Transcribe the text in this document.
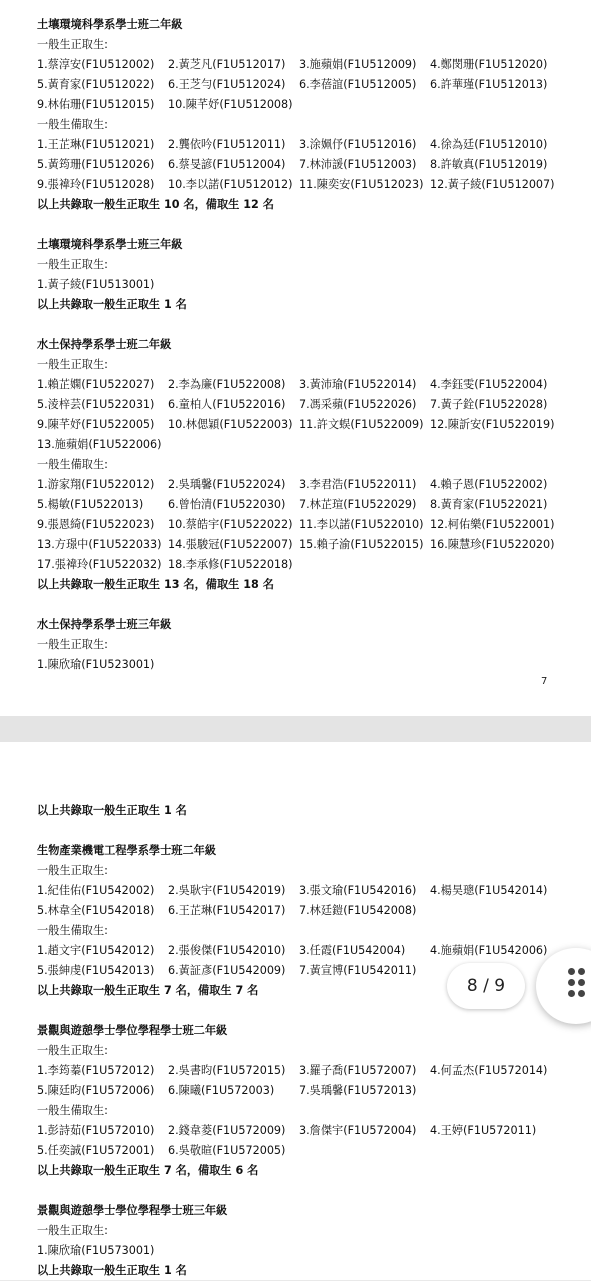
土壤環境科學系學士班二年級
一般生正取生:
1.蔡淳安(F1U512002) 2.黃芝凡(F1U512017) 3.施蘋娟(F1U512009) 4.鄭閔珊(F1U512020)
5.黃育家(F1U512022) 6.王芝勻(F1U512024) 6.李蓓誼(F1U512005) 6.許華瑾(F1U512013)
9.林佑珊(F1U512015) 10.陳芊妤(F1U512008)
一般生備取生:
1.王芷琳(F1U512021) 2.龔依吟(F1U512011) 3.涂姵伃(F1U512016) 4.徐為廷(F1U512010)
5.黃筠珊(F1U512026) 6.蔡旻諺(F1U512004) 7.林沛諼(F1U512003) 8.許敏真(F1U512019)
9.張褘玲(F1U512028) 10.李以諾(F1U512012) 11.陳奕安(F1U512023) 12.黃子綾(F1U512007)
以上共錄取一般生正取生 10 名，備取生 12 名
土壤環境科學系學士班三年級
一般生正取生:
1.黃子綾(F1U513001)
以上共錄取一般生正取生 1 名
水土保持學系學士班二年級
一般生正取生:
1.賴芷嫻(F1U522027) 2.李為廉(F1U522008) 3.黃沛瑜(F1U522014) 4.李鈺雯(F1U522004)
5.淩梓芸(F1U522031) 6.童柏人(F1U522016) 7.馮采蘋(F1U522026) 7.黃子銓(F1U522028)
9.陳芊妤(F1U522005) 10.林偲穎(F1U522003) 11.許文蜈(F1U522009) 12.陳訢安(F1U522019)
13.施蘋娟(F1U522006)
一般生備取生:
1.游家翔(F1U522012) 2.吳瑀馨(F1U522024) 3.李君浩(F1U522011) 4.賴子恩(F1U522002)
5.楊敏(F1U522013) 6.曾怡清(F1U522030) 7.林芷瑄(F1U522029) 8.黃育家(F1U522021)
9.張恩綺(F1U522023) 10.蔡皓宇(F1U522022) 11.李以諾(F1U522010) 12.柯佑樂(F1U522001)
13.方璟中(F1U522033) 14.張駿冠(F1U522007) 15.賴子渝(F1U522015) 16.陳慧珍(F1U522020)
17.張褘玲(F1U522032) 18.李承修(F1U522018)
以上共錄取一般生正取生 13 名，備取生 18 名
水土保持學系學士班三年級
一般生正取生:
1.陳欣瑜(F1U523001)
7
以上共錄取一般生正取生 1 名
生物產業機電工程學系學士班二年級
一般生正取生:
1.紀佳佑(F1U542002) 2.吳耿宇(F1U542019) 3.張文瑜(F1U542016) 4.楊昊璁(F1U542014)
5.林韋全(F1U542018) 6.王芷琳(F1U542017) 7.林廷鎧(F1U542008)
一般生備取生:
1.趙文宇(F1U542012) 2.張俊傑(F1U542010) 3.任霞(F1U542004) 4.施蘋娟(F1U542006)
5.張紳虔(F1U542013) 6.黃証彥(F1U542009) 7.黃宣博(F1U542011)
以上共錄取一般生正取生 7 名，備取生 7 名
景觀與遊憩學士學位學程學士班二年級
一般生正取生:
1.李筠蓁(F1U572012) 2.吳書昀(F1U572015) 3.羅子喬(F1U572007) 4.何孟杰(F1U572014)
5.陳廷昀(F1U572006) 6.陳曦(F1U572003) 7.吳瑀馨(F1U572013)
一般生備取生:
1.彭詩茹(F1U572010) 2.錢韋菱(F1U572009) 3.詹傑宇(F1U572004) 4.王婷(F1U572011)
5.任奕誠(F1U572001) 6.吳敬暄(F1U572005)
以上共錄取一般生正取生 7 名，備取生 6 名
景觀與遊憩學士學位學程學士班三年級
一般生正取生:
1.陳欣瑜(F1U573001)
以上共錄取一般生正取生 1 名
8 / 9
